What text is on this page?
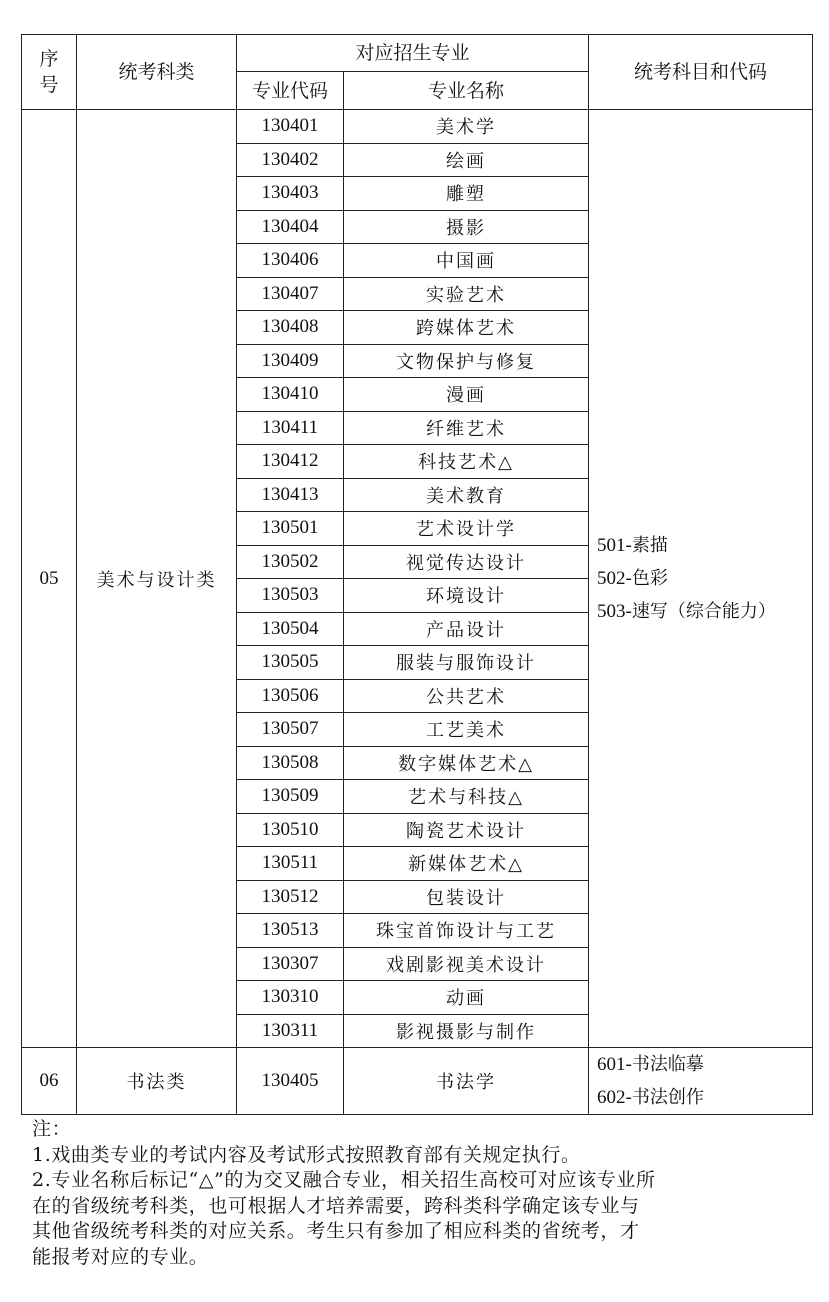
序
号	统考科类	对应招生专业		统考科目和代码
		专业代码	专业名称	
05	美术与设计类	130401	美术学	501-素描
502-色彩
503-速写（综合能力）

		130402	绘画	
		130403	雕塑	
		130404	摄影	
		130406	中国画	
		130407	实验艺术	
		130408	跨媒体艺术	
		130409	文物保护与修复	
		130410	漫画	
		130411	纤维艺术	
		130412	科技艺术△	
		130413	美术教育	
		130501	艺术设计学	
		130502	视觉传达设计	
		130503	环境设计	
		130504	产品设计	
		130505	服装与服饰设计	
		130506	公共艺术	
		130507	工艺美术	
		130508	数字媒体艺术△	
		130509	艺术与科技△	
		130510	陶瓷艺术设计	
		130511	新媒体艺术△	
		130512	包装设计	
		130513	珠宝首饰设计与工艺	
		130307	戏剧影视美术设计	
		130310	动画	
		130311	影视摄影与制作	
06	书法类	130405	书法学	601-书法临摹
602-书法创作
注：
1.戏曲类专业的考试内容及考试形式按照教育部有关规定执行。
2.专业名称后标记“△”的为交叉融合专业，相关招生高校可对应该专业所
在的省级统考科类，也可根据人才培养需要，跨科类科学确定该专业与
其他省级统考科类的对应关系。考生只有参加了相应科类的省统考，才
能报考对应的专业。
